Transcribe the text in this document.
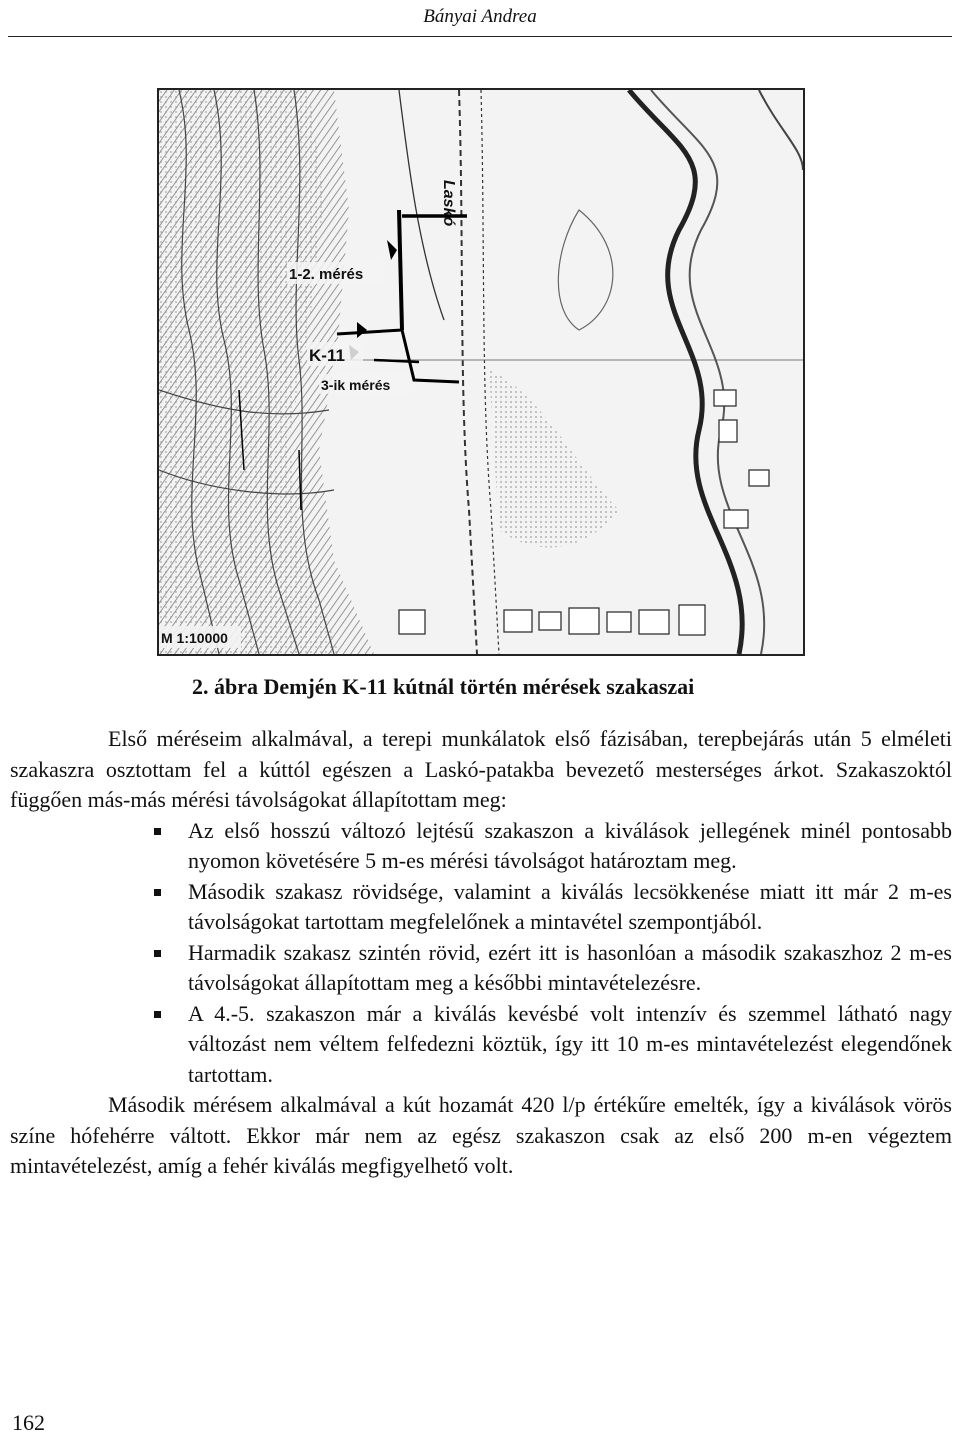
Bányai Andrea
Laskó
1-2. mérés
K-11
3-ik mérés
M 1:10000
2. ábra Demjén K-11 kútnál történ mérések szakaszai

Első méréseim alkalmával, a terepi munkálatok első fázisában, terepbejárás után 5 elméleti szakaszra osztottam fel a kúttól egészen a Laskó-patakba bevezető mesterséges árkot. Szakaszoktól függően más-más mérési távolságokat állapítottam meg:

Az első hosszú változó lejtésű szakaszon a kiválások jellegének minél pontosabb nyomon követésére 5 m-es mérési távolságot határoztam meg.
Második szakasz rövidsége, valamint a kiválás lecsökkenése miatt itt már 2 m-es távolságokat tartottam megfelelőnek a mintavétel szempontjából.
Harmadik szakasz szintén rövid, ezért itt is hasonlóan a második szakaszhoz 2 m-es távolságokat állapítottam meg a későbbi mintavételezésre.
A 4.-5. szakaszon már a kiválás kevésbé volt intenzív és szemmel látható nagy változást nem véltem felfedezni köztük, így itt 10 m-es mintavételezést elegendőnek tartottam.

Második mérésem alkalmával a kút hozamát 420 l/p értékűre emelték, így a kiválások vörös színe hófehérre váltott. Ekkor már nem az egész szakaszon csak az első 200 m-en végeztem mintavételezést, amíg a fehér kiválás megfigyelhető volt.

162
